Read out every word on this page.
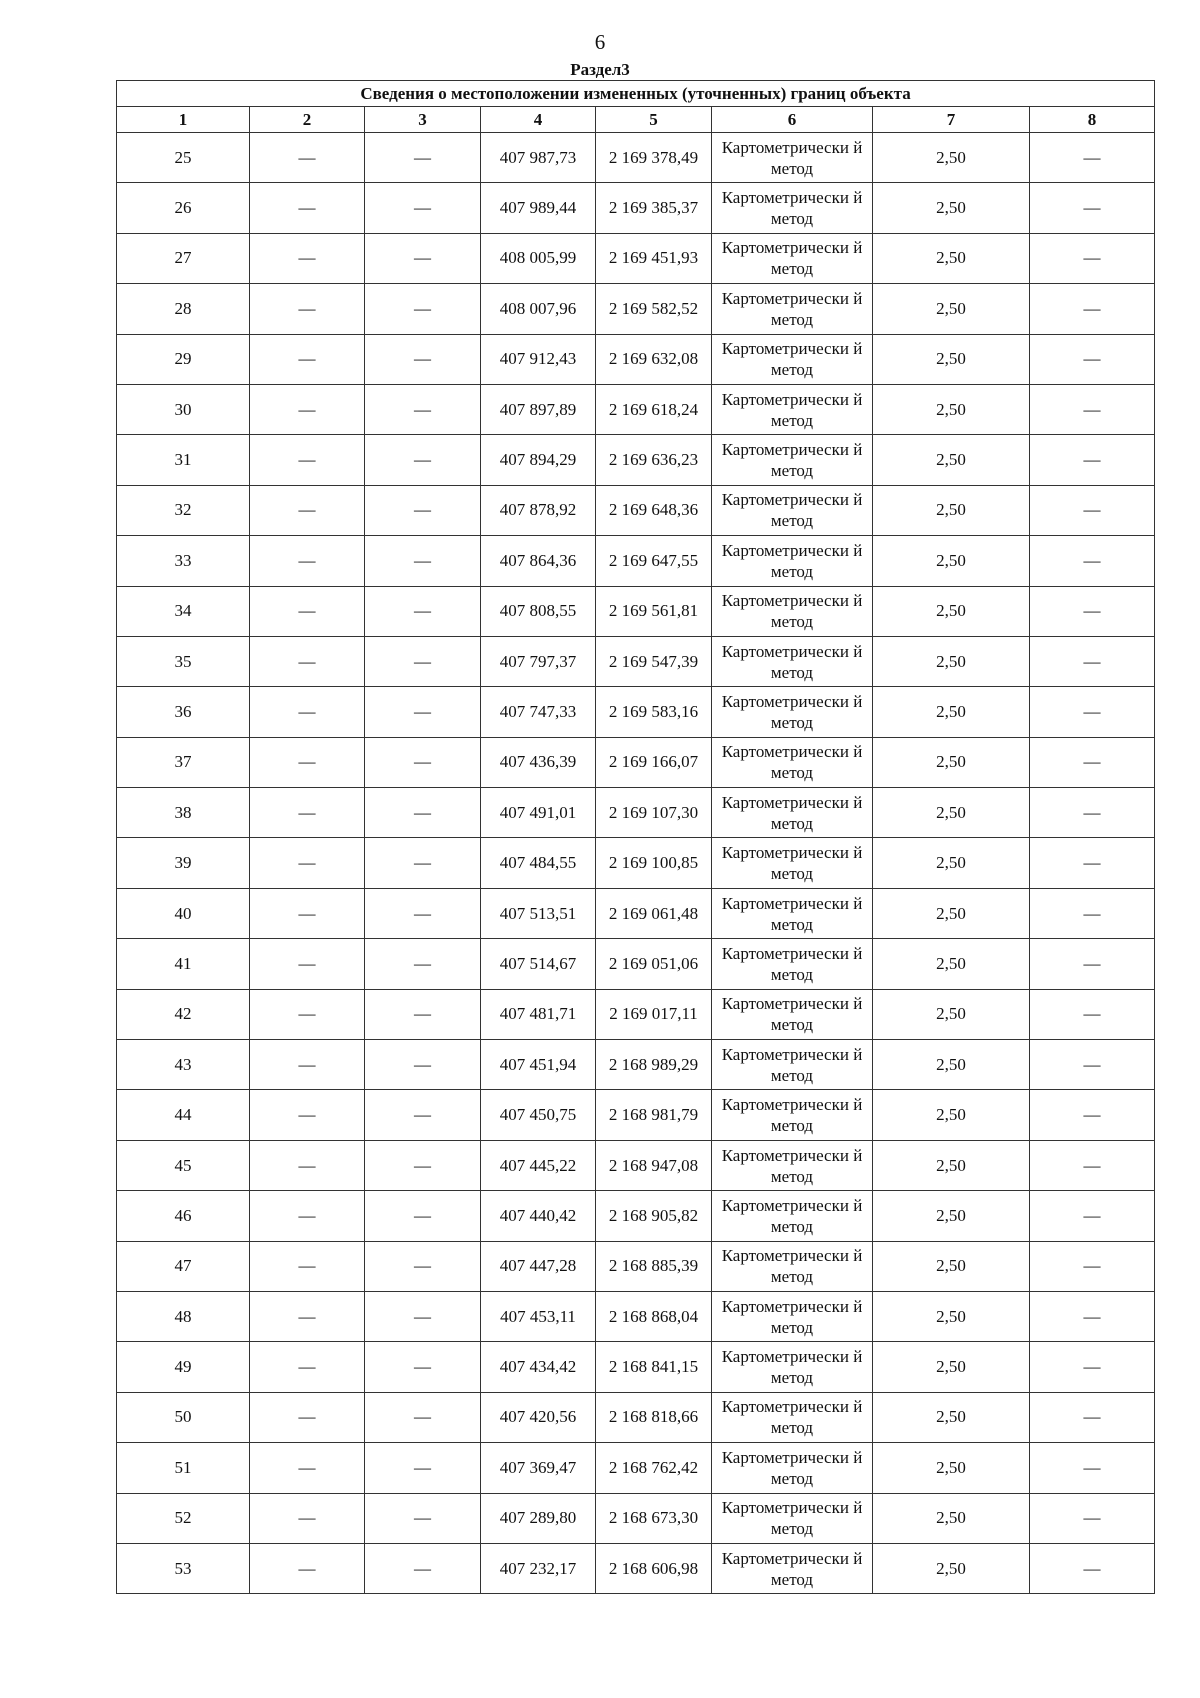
6
Раздел3
Сведения о местоположении измененных (уточненных) границ объекта							
1	2	3	4	5	6	7	8
25	—	—	407 987,73	2 169 378,49	Картометрически й метод	2,50	—
26	—	—	407 989,44	2 169 385,37	Картометрически й метод	2,50	—
27	—	—	408 005,99	2 169 451,93	Картометрически й метод	2,50	—
28	—	—	408 007,96	2 169 582,52	Картометрически й метод	2,50	—
29	—	—	407 912,43	2 169 632,08	Картометрически й метод	2,50	—
30	—	—	407 897,89	2 169 618,24	Картометрически й метод	2,50	—
31	—	—	407 894,29	2 169 636,23	Картометрически й метод	2,50	—
32	—	—	407 878,92	2 169 648,36	Картометрически й метод	2,50	—
33	—	—	407 864,36	2 169 647,55	Картометрически й метод	2,50	—
34	—	—	407 808,55	2 169 561,81	Картометрически й метод	2,50	—
35	—	—	407 797,37	2 169 547,39	Картометрически й метод	2,50	—
36	—	—	407 747,33	2 169 583,16	Картометрически й метод	2,50	—
37	—	—	407 436,39	2 169 166,07	Картометрически й метод	2,50	—
38	—	—	407 491,01	2 169 107,30	Картометрически й метод	2,50	—
39	—	—	407 484,55	2 169 100,85	Картометрически й метод	2,50	—
40	—	—	407 513,51	2 169 061,48	Картометрически й метод	2,50	—
41	—	—	407 514,67	2 169 051,06	Картометрически й метод	2,50	—
42	—	—	407 481,71	2 169 017,11	Картометрически й метод	2,50	—
43	—	—	407 451,94	2 168 989,29	Картометрически й метод	2,50	—
44	—	—	407 450,75	2 168 981,79	Картометрически й метод	2,50	—
45	—	—	407 445,22	2 168 947,08	Картометрически й метод	2,50	—
46	—	—	407 440,42	2 168 905,82	Картометрически й метод	2,50	—
47	—	—	407 447,28	2 168 885,39	Картометрически й метод	2,50	—
48	—	—	407 453,11	2 168 868,04	Картометрически й метод	2,50	—
49	—	—	407 434,42	2 168 841,15	Картометрически й метод	2,50	—
50	—	—	407 420,56	2 168 818,66	Картометрически й метод	2,50	—
51	—	—	407 369,47	2 168 762,42	Картометрически й метод	2,50	—
52	—	—	407 289,80	2 168 673,30	Картометрически й метод	2,50	—
53	—	—	407 232,17	2 168 606,98	Картометрически й метод	2,50	—
